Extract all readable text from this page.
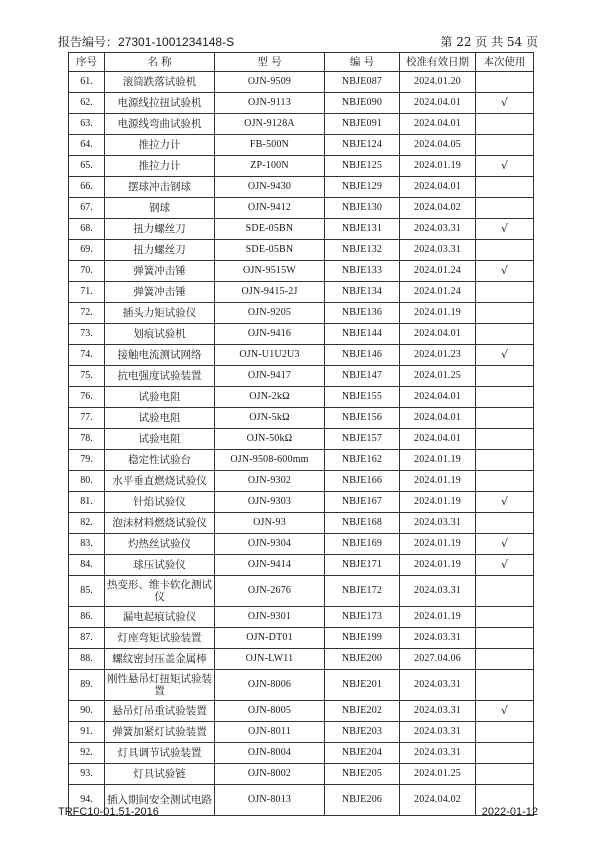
报告编号：27301-1001234148-S	第 22 页 共 54 页
序号	名 称	型 号	编 号	校准有效日期	本次使用
61.	滚筒跌落试验机	OJN-9509	NBJE087	2024.01.20	
62.	电源线拉扭试验机	OJN-9113	NBJE090	2024.04.01	√
63.	电源线弯曲试验机	OJN-9128A	NBJE091	2024.04.01	
64.	推拉力计	FB-500N	NBJE124	2024.04.05	
65.	推拉力计	ZP-100N	NBJE125	2024.01.19	√
66.	摆球冲击钢球	OJN-9430	NBJE129	2024.04.01	
67.	钢球	OJN-9412	NBJE130	2024.04.02	
68.	扭力螺丝刀	SDE-05BN	NBJE131	2024.03.31	√
69.	扭力螺丝刀	SDE-05BN	NBJE132	2024.03.31	
70.	弹簧冲击锤	OJN-9515W	NBJE133	2024.01.24	√
71.	弹簧冲击锤	OJN-9415-2J	NBJE134	2024.01.24	
72.	插头力矩试验仪	OJN-9205	NBJE136	2024.01.19	
73.	划痕试验机	OJN-9416	NBJE144	2024.04.01	
74.	接触电流测试网络	OJN-U1U2U3	NBJE146	2024.01.23	√
75.	抗电强度试验装置	OJN-9417	NBJE147	2024.01.25	
76.	试验电阻	OJN-2kΩ	NBJE155	2024.04.01	
77.	试验电阻	OJN-5kΩ	NBJE156	2024.04.01	
78.	试验电阻	OJN-50kΩ	NBJE157	2024.04.01	
79.	稳定性试验台	OJN-9508-600mm	NBJE162	2024.01.19	
80.	水平垂直燃烧试验仪	OJN-9302	NBJE166	2024.01.19	
81.	针焰试验仪	OJN-9303	NBJE167	2024.01.19	√
82.	泡沫材料燃烧试验仪	OJN-93	NBJE168	2024.03.31	
83.	灼热丝试验仪	OJN-9304	NBJE169	2024.01.19	√
84.	球压试验仪	OJN-9414	NBJE171	2024.01.19	√
85.	热变形、维卡软化测试仪	OJN-2676	NBJE172	2024.03.31	
86.	漏电起痕试验仪	OJN-9301	NBJE173	2024.01.19	
87.	灯座弯矩试验装置	OJN-DT01	NBJE199	2024.03.31	
88.	螺纹密封压盖金属棒	OJN-LW11	NBJE200	2027.04.06	
89.	刚性悬吊灯扭矩试验装置	OJN-8006	NBJE201	2024.03.31	
90.	悬吊灯吊重试验装置	OJN-8005	NBJE202	2024.03.31	√
91.	弹簧加紧灯试验装置	OJN-8011	NBJE203	2024.03.31	
92.	灯具调节试验装置	OJN-8004	NBJE204	2024.03.31	
93.	灯具试验链	OJN-8002	NBJE205	2024.01.25	
94.	插入期间安全测试电路	OJN-8013	NBJE206	2024.04.02	
TRFC10-01.51-2016	2022-01-12
